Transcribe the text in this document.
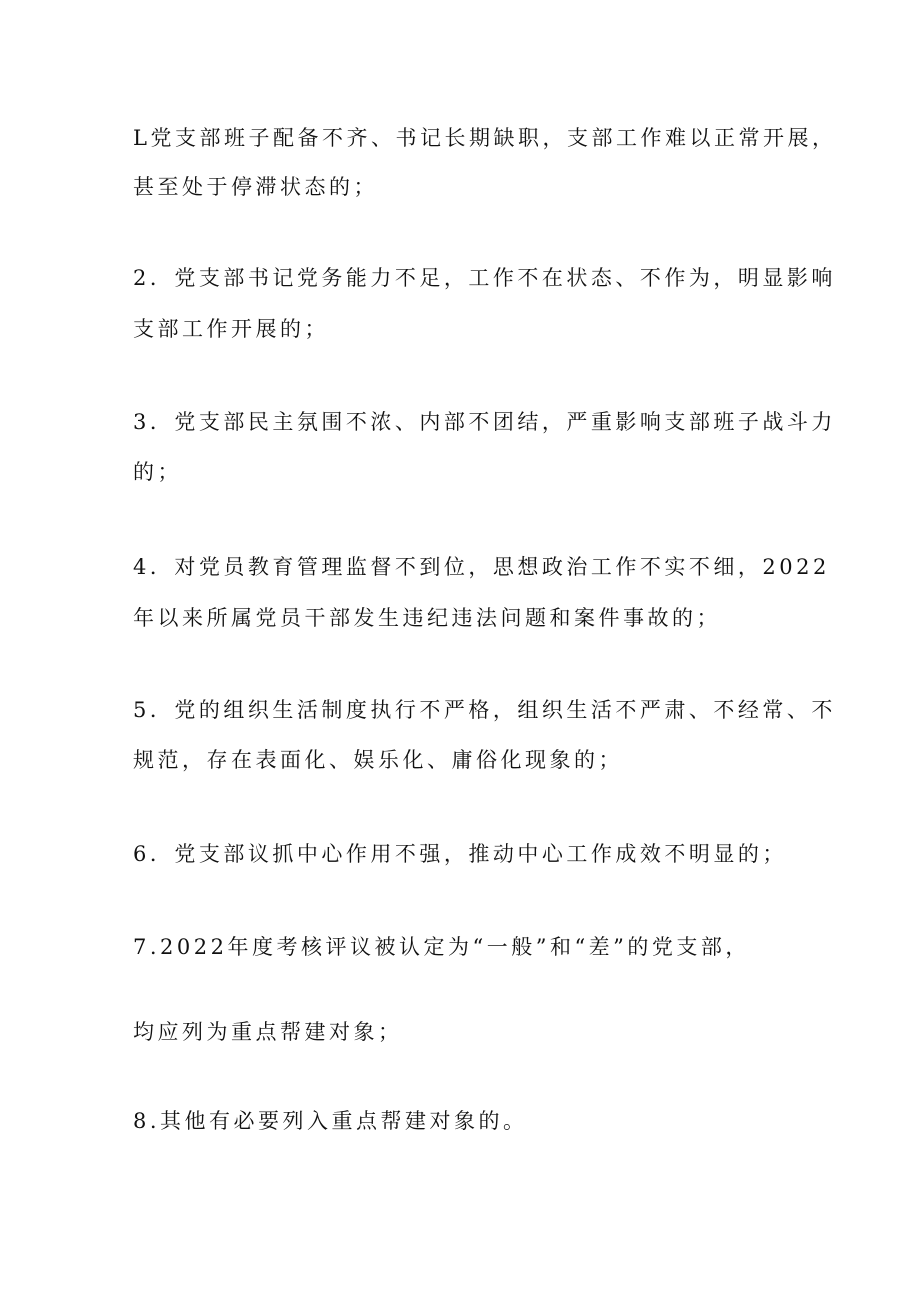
L党支部班子配备不齐、书记长期缺职，支部工作难以正常开展，
甚至处于停滞状态的；
2．党支部书记党务能力不足，工作不在状态、不作为，明显影响
支部工作开展的；
3．党支部民主氛围不浓、内部不团结，严重影响支部班子战斗力
的；
4．对党员教育管理监督不到位，思想政治工作不实不细，2022
年以来所属党员干部发生违纪违法问题和案件事故的；
5．党的组织生活制度执行不严格，组织生活不严肃、不经常、不
规范，存在表面化、娱乐化、庸俗化现象的；
6．党支部议抓中心作用不强，推动中心工作成效不明显的；
7.2022年度考核评议被认定为“一般”和“差”的党支部，
均应列为重点帮建对象；
8.其他有必要列入重点帮建对象的。
